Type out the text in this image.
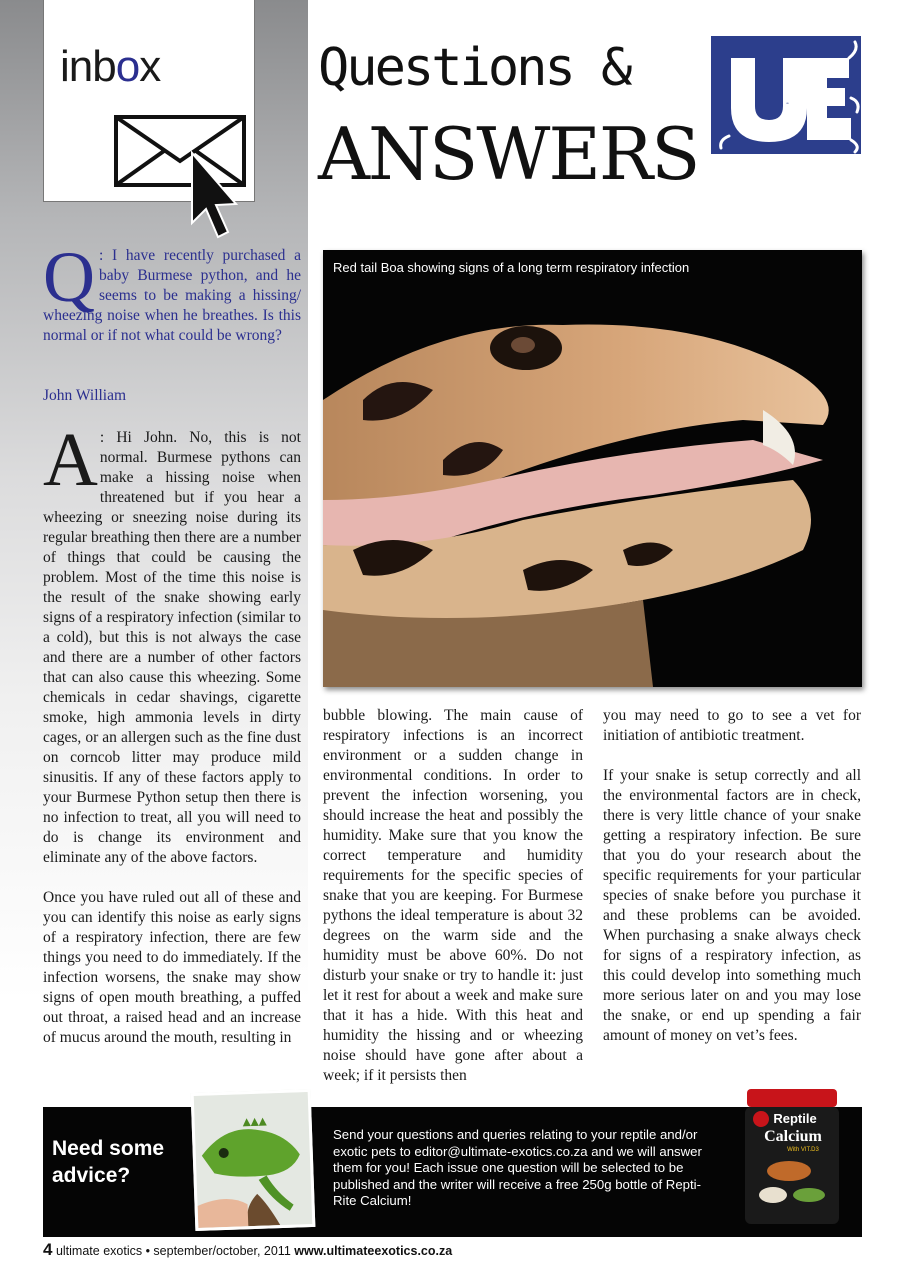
inbox	Questions &
ANSWERS
UE
Q : I have recently purchased a baby Burmese python, and he seems to be making a hissing/ wheezing noise when he breathes. Is this normal or if not what could be wrong?
John William

A : Hi John. No, this is not normal. Burmese pythons can make a hissing noise when threatened but if you hear a wheezing or sneezing noise during its regular breathing then there are a number of things that could be causing the problem. Most of the time this noise is the result of the snake showing early signs of a respiratory infection (similar to a cold), but this is not always the case and there are a number of other factors that can also cause this wheezing. Some chemicals in cedar shavings, cigarette smoke, high ammonia levels in dirty cages, or an allergen such as the fine dust on corncob litter may produce mild sinusitis. If any of these factors apply to your Burmese Python setup then there is no infection to treat, all you will need to do is change its environment and eliminate any of the above factors.

Once you have ruled out all of these and you can identify this noise as early signs of a respiratory infection, there are few things you need to do immediately. If the infection worsens, the snake may show signs of open mouth breathing, a puffed out throat, a raised head and an increase of mucus around the mouth, resulting in

Red tail Boa showing signs of a long term respiratory infection

bubble blowing. The main cause of respiratory infections is an incorrect environment or a sudden change in environmental conditions. In order to prevent the infection worsening, you should increase the heat and possibly the humidity. Make sure that you know the correct temperature and humidity requirements for the specific species of snake that you are keeping. For Burmese pythons the ideal temperature is about 32 degrees on the warm side and the humidity must be above 60%. Do not disturb your snake or try to handle it: just let it rest for about a week and make sure that it has a hide. With this heat and humidity the hissing and or wheezing noise should have gone after about a week; if it persists then

you may need to go to see a vet for initiation of antibiotic treatment.

If your snake is setup correctly and all the environmental factors are in check, there is very little chance of your snake getting a respiratory infection. Be sure that you do your research about the specific requirements for your particular species of snake before you purchase it and these problems can be avoided. When purchasing a snake always check for signs of a respiratory infection, as this could develop into something much more serious later on and you may lose the snake, or end up spending a fair amount of money on vet’s fees.

Need some advice?
Send your questions and queries relating to your reptile and/or exotic pets to editor@ultimate-exotics.co.za and we will answer them for you! Each issue one question will be selected to be published and the writer will receive a free 250g bottle of Repti-Rite Calcium!
Reptile
Calcium
With VIT.D3
4 ultimate exotics • september/october, 2011 www.ultimateexotics.co.za
